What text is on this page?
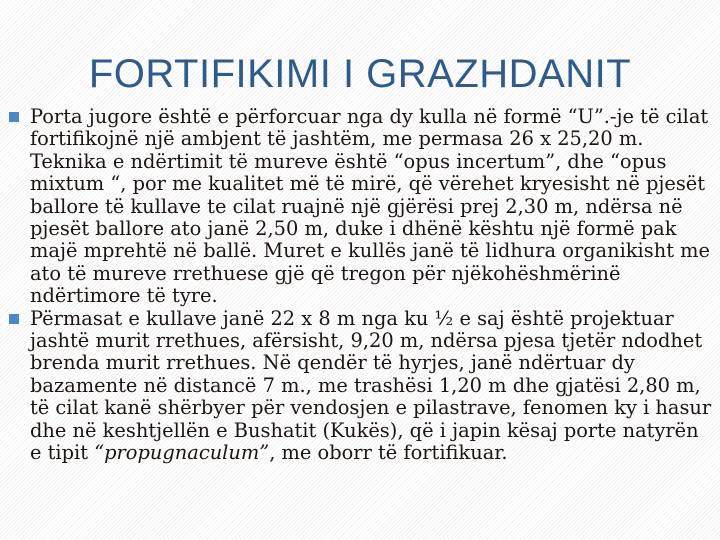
FORTIFIKIMI I GRAZHDANIT
Porta jugore është e përforcuar nga dy kulla në formë “U”.-je të cilat fortifikojnë një ambjent të jashtëm, me permasa 26 x 25,20 m. Teknika e ndërtimit të mureve është “opus incertum”, dhe “opus mixtum “, por me kualitet më të mirë, që vërehet kryesisht në pjesët ballore të kullave te cilat ruajnë një gjërësi prej 2,30 m, ndërsa në pjesët ballore ato janë 2,50 m, duke i dhënë kështu një formë pak majë mprehtë në ballë. Muret e kullës janë të lidhura organikisht me ato të mureve rrethuese gjë që tregon për njëkohëshmërinë ndërtimore të tyre.
Përmasat e kullave janë 22 x 8 m nga ku ½ e saj është projektuar jashtë murit rrethues, afërsisht, 9,20 m, ndërsa pjesa tjetër ndodhet brenda murit rrethues. Në qendër të hyrjes, janë ndërtuar dy bazamente në distancë 7 m., me trashësi 1,20 m dhe gjatësi 2,80 m, të cilat kanë shërbyer për vendosjen e pilastrave, fenomen ky i hasur dhe në keshtjellën e Bushatit (Kukës), që i japin kësaj porte natyrën e tipit “propugnaculum”, me oborr të fortifikuar.
